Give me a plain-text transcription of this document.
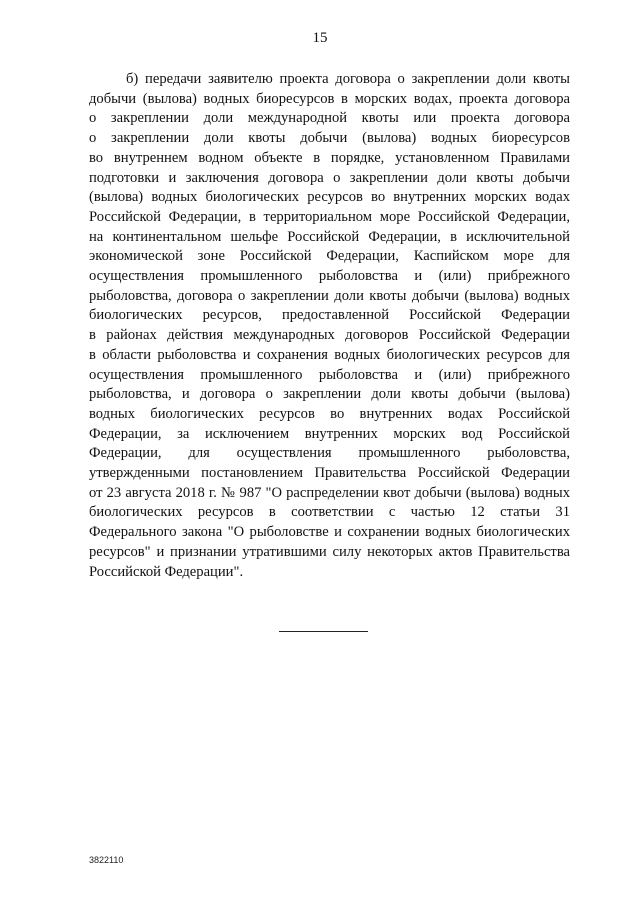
15
б) передачи заявителю проекта договора о закреплении доли квоты
добычи (вылова) водных биоресурсов в морских водах, проекта договора
о закреплении доли международной квоты или проекта договора
о закреплении доли квоты добычи (вылова) водных биоресурсов
во внутреннем водном объекте в порядке, установленном Правилами
подготовки и заключения договора о закреплении доли квоты добычи
(вылова) водных биологических ресурсов во внутренних морских водах
Российской Федерации, в территориальном море Российской Федерации,
на континентальном шельфе Российской Федерации, в исключительной
экономической зоне Российской Федерации, Каспийском море для
осуществления промышленного рыболовства и (или) прибрежного
рыболовства, договора о закреплении доли квоты добычи (вылова) водных
биологических ресурсов, предоставленной Российской Федерации
в районах действия международных договоров Российской Федерации
в области рыболовства и сохранения водных биологических ресурсов для
осуществления промышленного рыболовства и (или) прибрежного
рыболовства, и договора о закреплении доли квоты добычи (вылова)
водных биологических ресурсов во внутренних водах Российской
Федерации, за исключением внутренних морских вод Российской
Федерации, для осуществления промышленного рыболовства,
утвержденными постановлением Правительства Российской Федерации
от 23 августа 2018 г. № 987 "О распределении квот добычи (вылова) водных
биологических ресурсов в соответствии с частью 12 статьи 31
Федерального закона "О рыболовстве и сохранении водных биологических
ресурсов" и признании утратившими силу некоторых актов Правительства
Российской Федерации".
3822110
